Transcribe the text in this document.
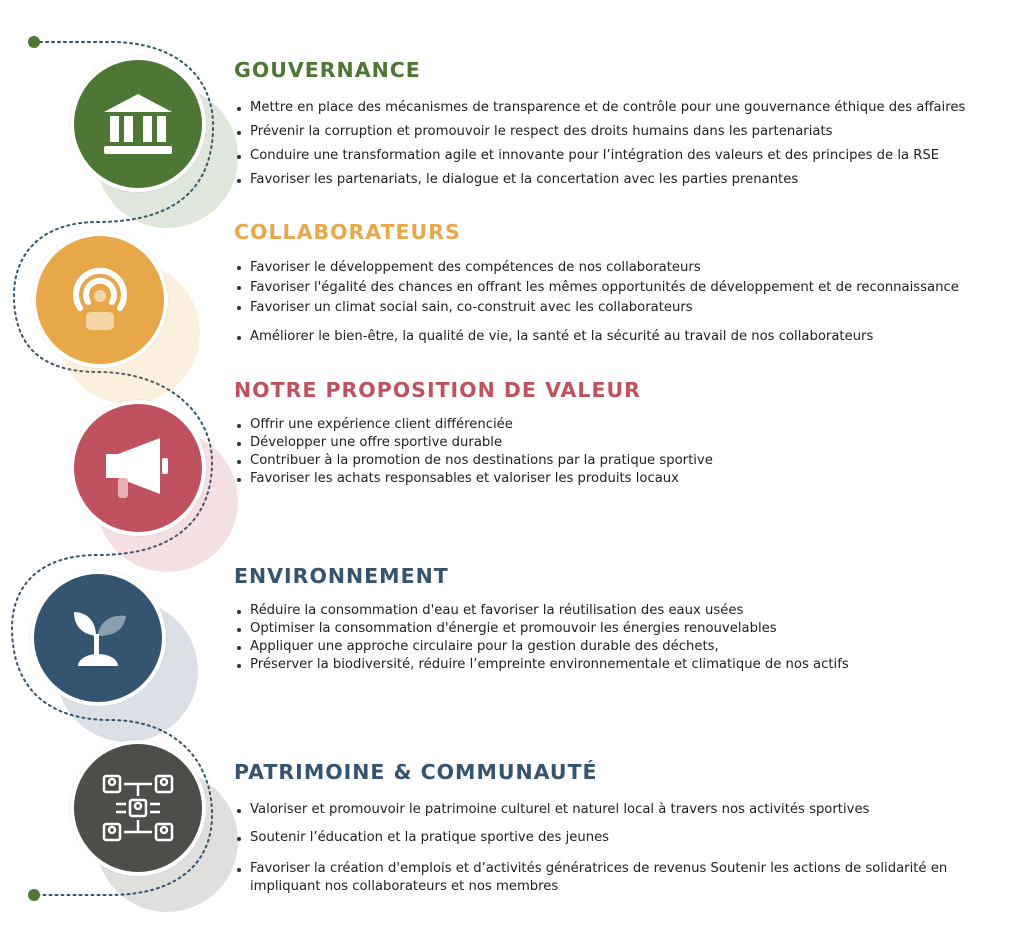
GOUVERNANCE
Mettre en place des mécanismes de transparence et de contrôle pour une gouvernance éthique des affaires
Prévenir la corruption et promouvoir le respect des droits humains dans les partenariats
Conduire une transformation agile et innovante pour l’intégration des valeurs et des principes de la RSE
Favoriser les partenariats, le dialogue et la concertation avec les parties prenantes
COLLABORATEURS
Favoriser le développement des compétences de nos collaborateurs
Favoriser l'égalité des chances en offrant les mêmes opportunités de développement et de reconnaissance
Favoriser un climat social sain, co-construit avec les collaborateurs
Améliorer le bien-être, la qualité de vie, la santé et la sécurité au travail de nos collaborateurs
NOTRE PROPOSITION DE VALEUR
Offrir une expérience client différenciée
Développer une offre sportive durable
Contribuer à la promotion de nos destinations par la pratique sportive
Favoriser les achats responsables et valoriser les produits locaux
ENVIRONNEMENT
Réduire la consommation d'eau et favoriser la réutilisation des eaux usées
Optimiser la consommation d'énergie et promouvoir les énergies renouvelables
Appliquer une approche circulaire pour la gestion durable des déchets,
Préserver la biodiversité, réduire l’empreinte environnementale et climatique de nos actifs
PATRIMOINE & COMMUNAUTÉ
Valoriser et promouvoir le patrimoine culturel et naturel local à travers nos activités sportives
Soutenir l’éducation et la pratique sportive des jeunes
Favoriser la création d'emplois et d’activités génératrices de revenus Soutenir les actions de solidarité en impliquant nos collaborateurs et nos membres
